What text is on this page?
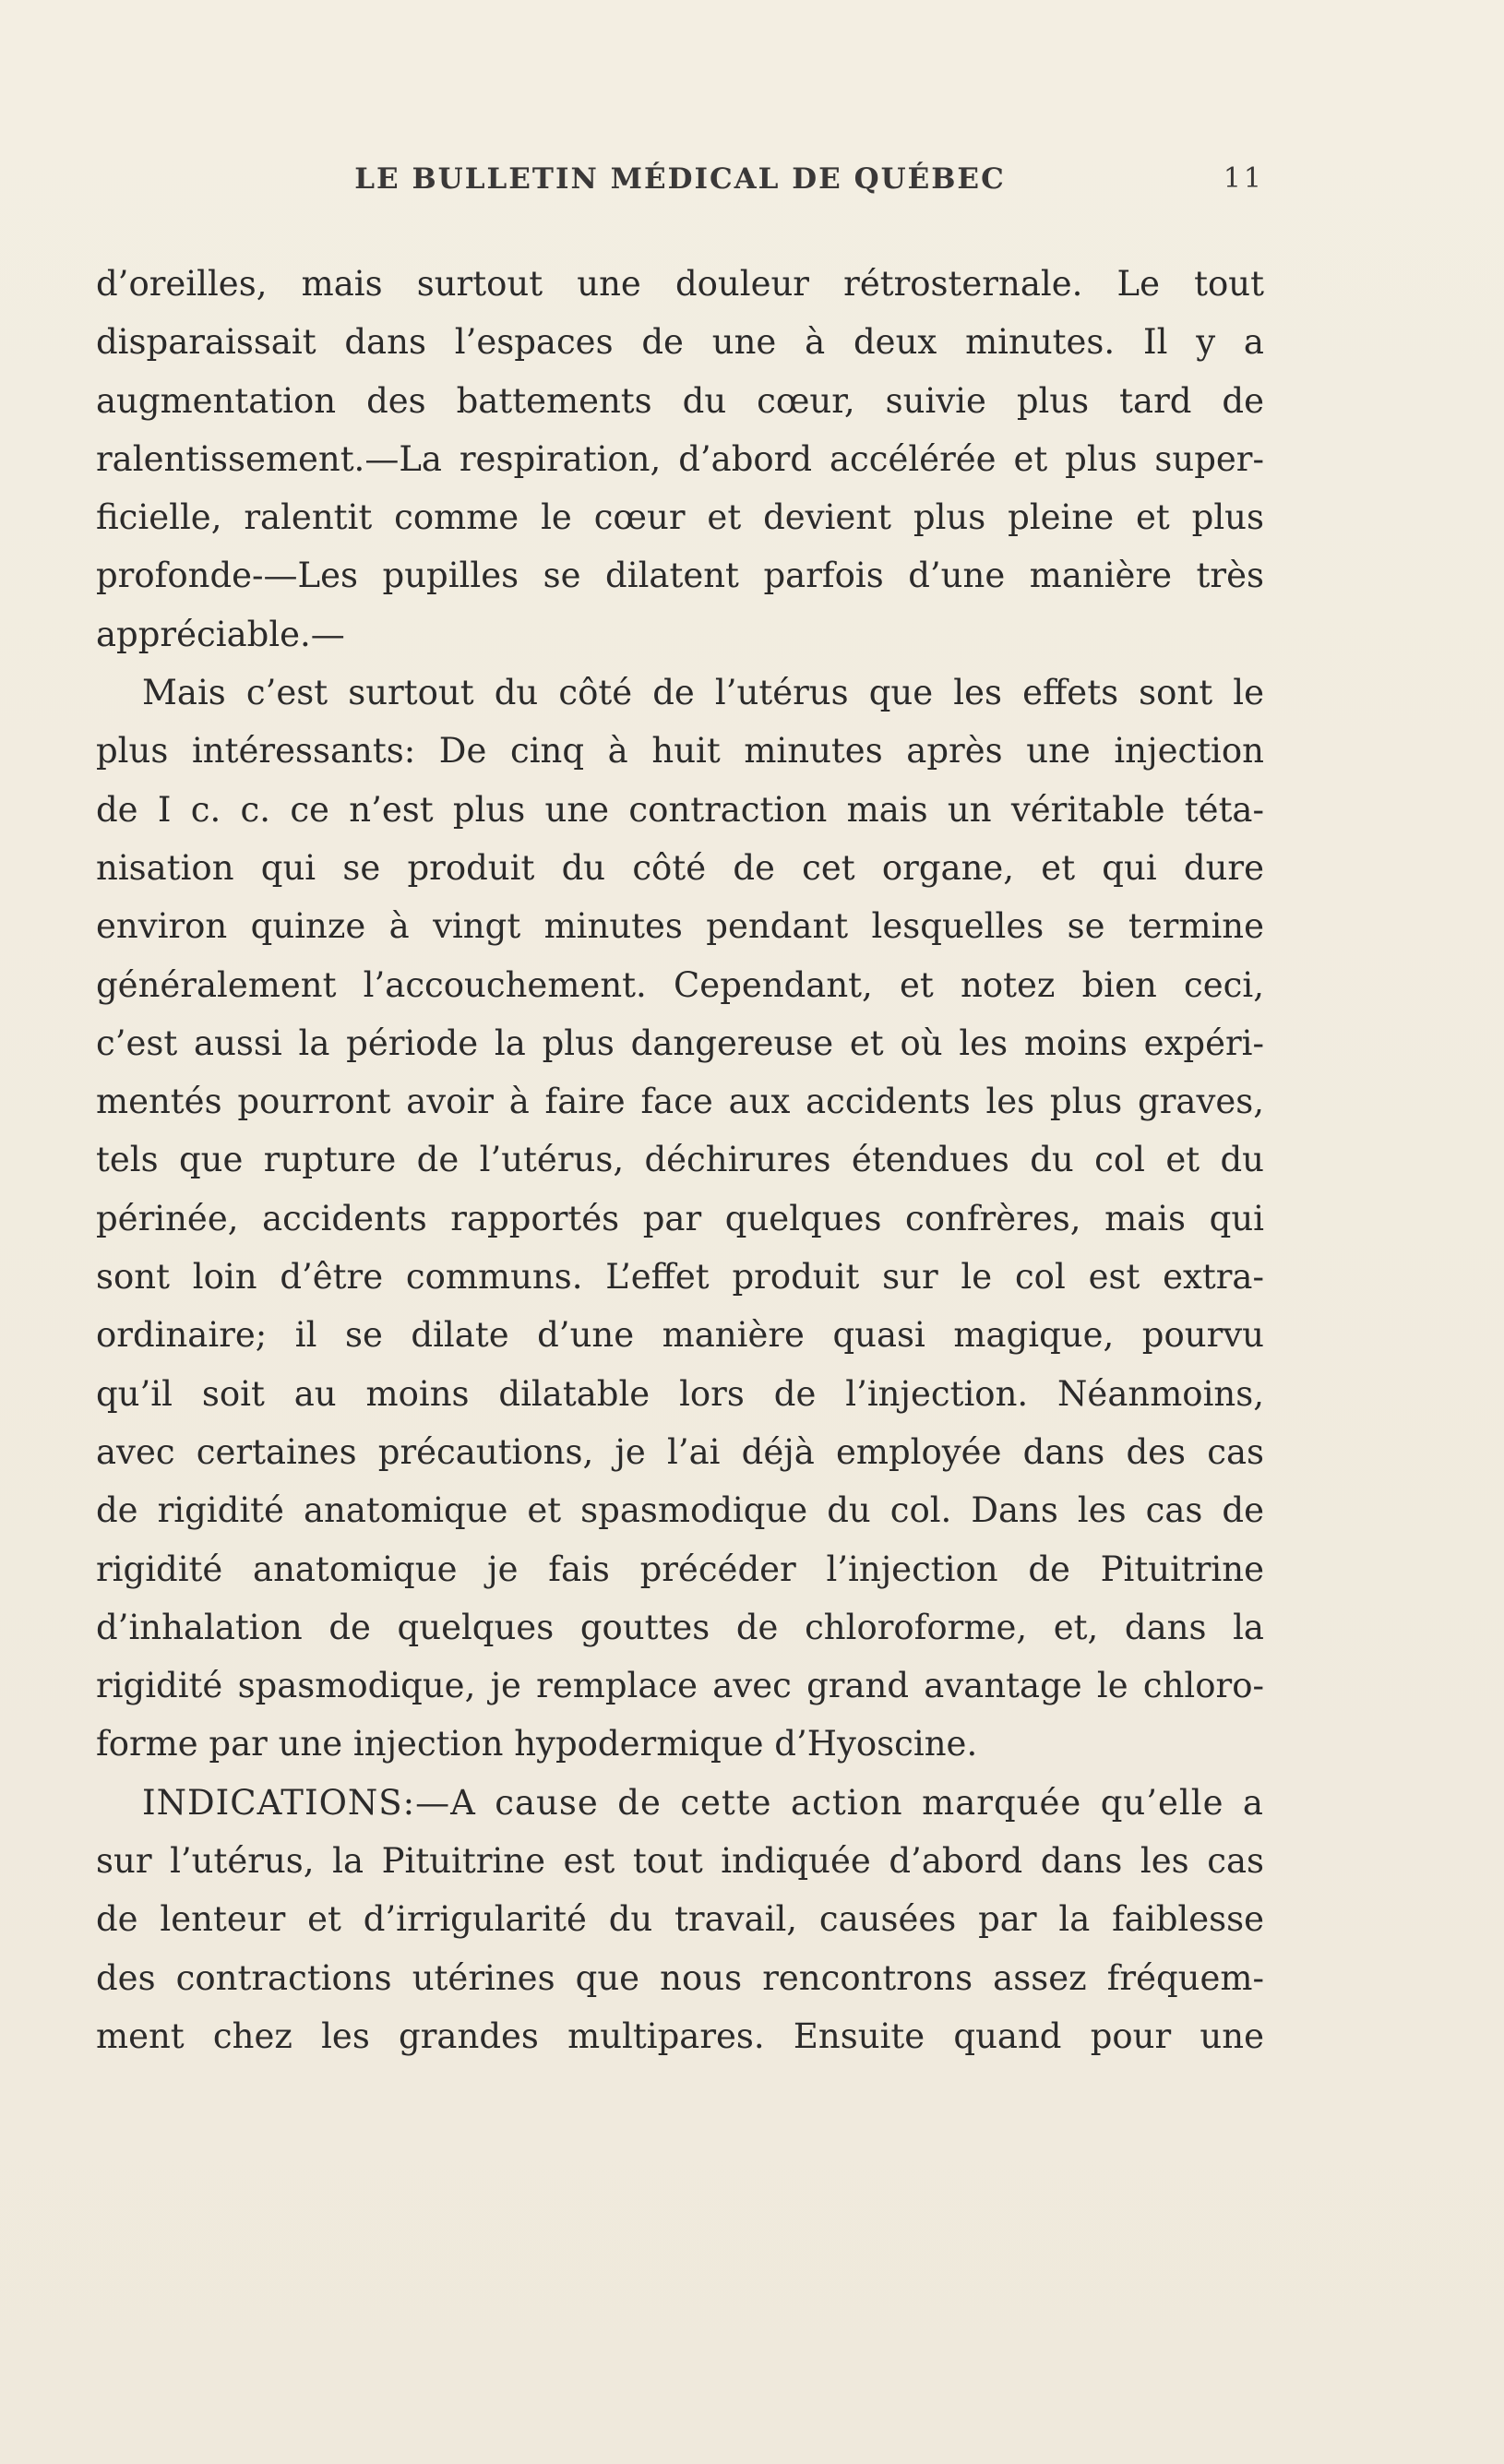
LE BULLETIN MÉDICAL DE QUÉBEC	11
d’oreilles, mais surtout une douleur rétrosternale. Le tout
disparaissait dans l’espaces de une à deux minutes. Il y a
augmentation des battements du cœur, suivie plus tard de
ralentissement.—La respiration, d’abord accélérée et plus super-
ficielle, ralentit comme le cœur et devient plus pleine et plus
profonde-—Les pupilles se dilatent parfois d’une manière très
appréciable.—
Mais c’est surtout du côté de l’utérus que les effets sont le
plus intéressants: De cinq à huit minutes après une injection
de I c. c. ce n’est plus une contraction mais un véritable téta-
nisation qui se produit du côté de cet organe, et qui dure
environ quinze à vingt minutes pendant lesquelles se termine
généralement l’accouchement. Cependant, et notez bien ceci,
c’est aussi la période la plus dangereuse et où les moins expéri-
mentés pourront avoir à faire face aux accidents les plus graves,
tels que rupture de l’utérus, déchirures étendues du col et du
périnée, accidents rapportés par quelques confrères, mais qui
sont loin d’être communs. L’effet produit sur le col est extra-
ordinaire; il se dilate d’une manière quasi magique, pourvu
qu’il soit au moins dilatable lors de l’injection. Néanmoins,
avec certaines précautions, je l’ai déjà employée dans des cas
de rigidité anatomique et spasmodique du col. Dans les cas de
rigidité anatomique je fais précéder l’injection de Pituitrine
d’inhalation de quelques gouttes de chloroforme, et, dans la
rigidité spasmodique, je remplace avec grand avantage le chloro-
forme par une injection hypodermique d’Hyoscine.
INDICATIONS:—A cause de cette action marquée qu’elle a
sur l’utérus, la Pituitrine est tout indiquée d’abord dans les cas
de lenteur et d’irrigularité du travail, causées par la faiblesse
des contractions utérines que nous rencontrons assez fréquem-
ment chez les grandes multipares. Ensuite quand pour une
